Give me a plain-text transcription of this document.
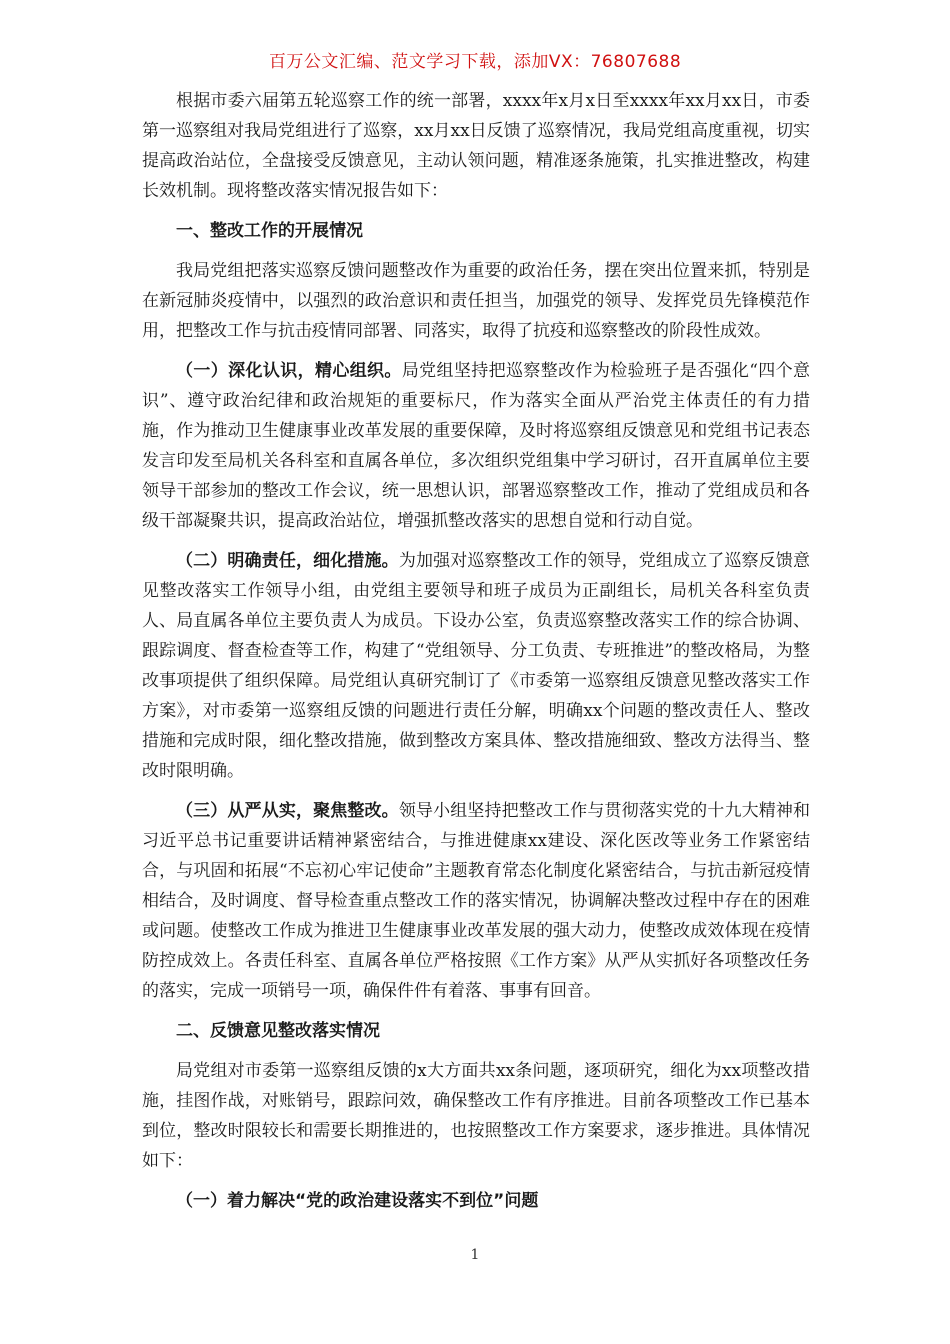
百万公文汇编、范文学习下载，添加VX：76807688

根据市委六届第五轮巡察工作的统一部署，xxxx年x月x日至xxxx年xx月xx日，市委第一巡察组对我局党组进行了巡察，xx月xx日反馈了巡察情况，我局党组高度重视，切实提高政治站位，全盘接受反馈意见，主动认领问题，精准逐条施策，扎实推进整改，构建长效机制。现将整改落实情况报告如下：

一、整改工作的开展情况

我局党组把落实巡察反馈问题整改作为重要的政治任务，摆在突出位置来抓，特别是在新冠肺炎疫情中，以强烈的政治意识和责任担当，加强党的领导、发挥党员先锋模范作用，把整改工作与抗击疫情同部署、同落实，取得了抗疫和巡察整改的阶段性成效。

（一）深化认识，精心组织。局党组坚持把巡察整改作为检验班子是否强化“四个意识”、遵守政治纪律和政治规矩的重要标尺，作为落实全面从严治党主体责任的有力措施，作为推动卫生健康事业改革发展的重要保障，及时将巡察组反馈意见和党组书记表态发言印发至局机关各科室和直属各单位，多次组织党组集中学习研讨，召开直属单位主要领导干部参加的整改工作会议，统一思想认识，部署巡察整改工作，推动了党组成员和各级干部凝聚共识，提高政治站位，增强抓整改落实的思想自觉和行动自觉。

（二）明确责任，细化措施。为加强对巡察整改工作的领导，党组成立了巡察反馈意见整改落实工作领导小组，由党组主要领导和班子成员为正副组长，局机关各科室负责人、局直属各单位主要负责人为成员。下设办公室，负责巡察整改落实工作的综合协调、跟踪调度、督查检查等工作，构建了“党组领导、分工负责、专班推进”的整改格局，为整改事项提供了组织保障。局党组认真研究制订了《市委第一巡察组反馈意见整改落实工作方案》，对市委第一巡察组反馈的问题进行责任分解，明确xx个问题的整改责任人、整改措施和完成时限，细化整改措施，做到整改方案具体、整改措施细致、整改方法得当、整改时限明确。

（三）从严从实，聚焦整改。领导小组坚持把整改工作与贯彻落实党的十九大精神和习近平总书记重要讲话精神紧密结合，与推进健康xx建设、深化医改等业务工作紧密结合，与巩固和拓展“不忘初心牢记使命”主题教育常态化制度化紧密结合，与抗击新冠疫情相结合，及时调度、督导检查重点整改工作的落实情况，协调解决整改过程中存在的困难或问题。使整改工作成为推进卫生健康事业改革发展的强大动力，使整改成效体现在疫情防控成效上。各责任科室、直属各单位严格按照《工作方案》从严从实抓好各项整改任务的落实，完成一项销号一项，确保件件有着落、事事有回音。

二、反馈意见整改落实情况

局党组对市委第一巡察组反馈的x大方面共xx条问题，逐项研究，细化为xx项整改措施，挂图作战，对账销号，跟踪问效，确保整改工作有序推进。目前各项整改工作已基本到位，整改时限较长和需要长期推进的，也按照整改工作方案要求，逐步推进。具体情况如下：

（一）着力解决“党的政治建设落实不到位”问题
1
